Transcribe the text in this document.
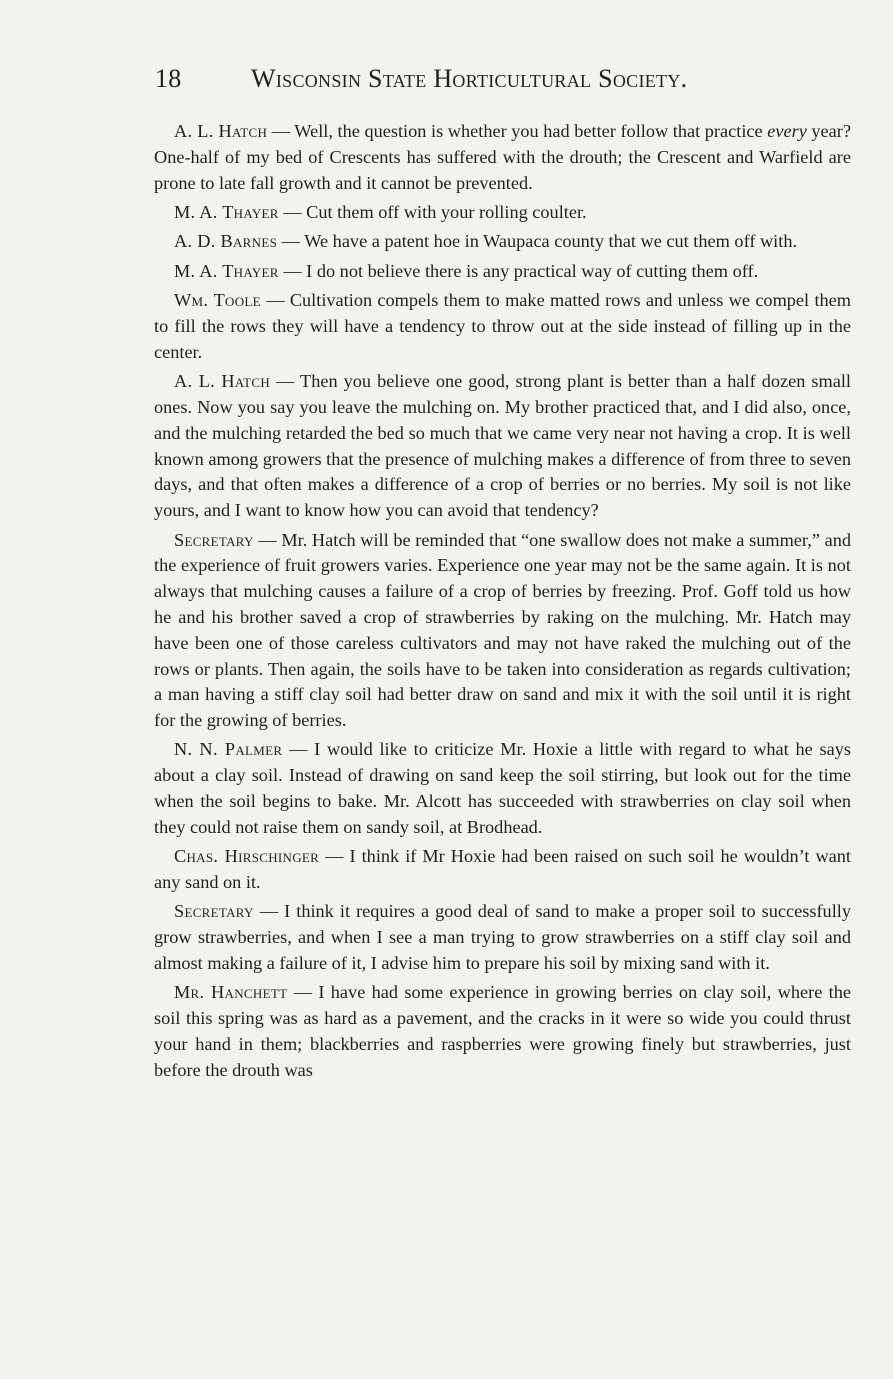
18	Wisconsin State Horticultural Society.

A. L. Hatch — Well, the question is whether you had better follow that practice every year? One-half of my bed of Crescents has suffered with the drouth; the Crescent and Warfield are prone to late fall growth and it cannot be prevented.

M. A. Thayer — Cut them off with your rolling coulter.

A. D. Barnes — We have a patent hoe in Waupaca county that we cut them off with.

M. A. Thayer — I do not believe there is any practical way of cutting them off.

Wm. Toole — Cultivation compels them to make matted rows and unless we compel them to fill the rows they will have a tendency to throw out at the side instead of filling up in the center.

A. L. Hatch — Then you believe one good, strong plant is better than a half dozen small ones. Now you say you leave the mulching on. My brother practiced that, and I did also, once, and the mulching retarded the bed so much that we came very near not having a crop. It is well known among growers that the presence of mulching makes a difference of from three to seven days, and that often makes a difference of a crop of berries or no berries. My soil is not like yours, and I want to know how you can avoid that tendency?

Secretary — Mr. Hatch will be reminded that “one swallow does not make a summer,” and the experience of fruit growers varies. Experience one year may not be the same again. It is not always that mulching causes a failure of a crop of berries by freezing. Prof. Goff told us how he and his brother saved a crop of strawberries by raking on the mulching. Mr. Hatch may have been one of those careless cultivators and may not have raked the mulching out of the rows or plants. Then again, the soils have to be taken into consideration as regards cultivation; a man having a stiff clay soil had better draw on sand and mix it with the soil until it is right for the growing of berries.

N. N. Palmer — I would like to criticize Mr. Hoxie a little with regard to what he says about a clay soil. Instead of drawing on sand keep the soil stirring, but look out for the time when the soil begins to bake. Mr. Alcott has succeeded with strawberries on clay soil when they could not raise them on sandy soil, at Brodhead.

Chas. Hirschinger — I think if Mr Hoxie had been raised on such soil he wouldn’t want any sand on it.

Secretary — I think it requires a good deal of sand to make a proper soil to successfully grow strawberries, and when I see a man trying to grow strawberries on a stiff clay soil and almost making a failure of it, I advise him to prepare his soil by mixing sand with it.

Mr. Hanchett — I have had some experience in growing berries on clay soil, where the soil this spring was as hard as a pavement, and the cracks in it were so wide you could thrust your hand in them; blackberries and raspberries were growing finely but strawberries, just before the drouth was
